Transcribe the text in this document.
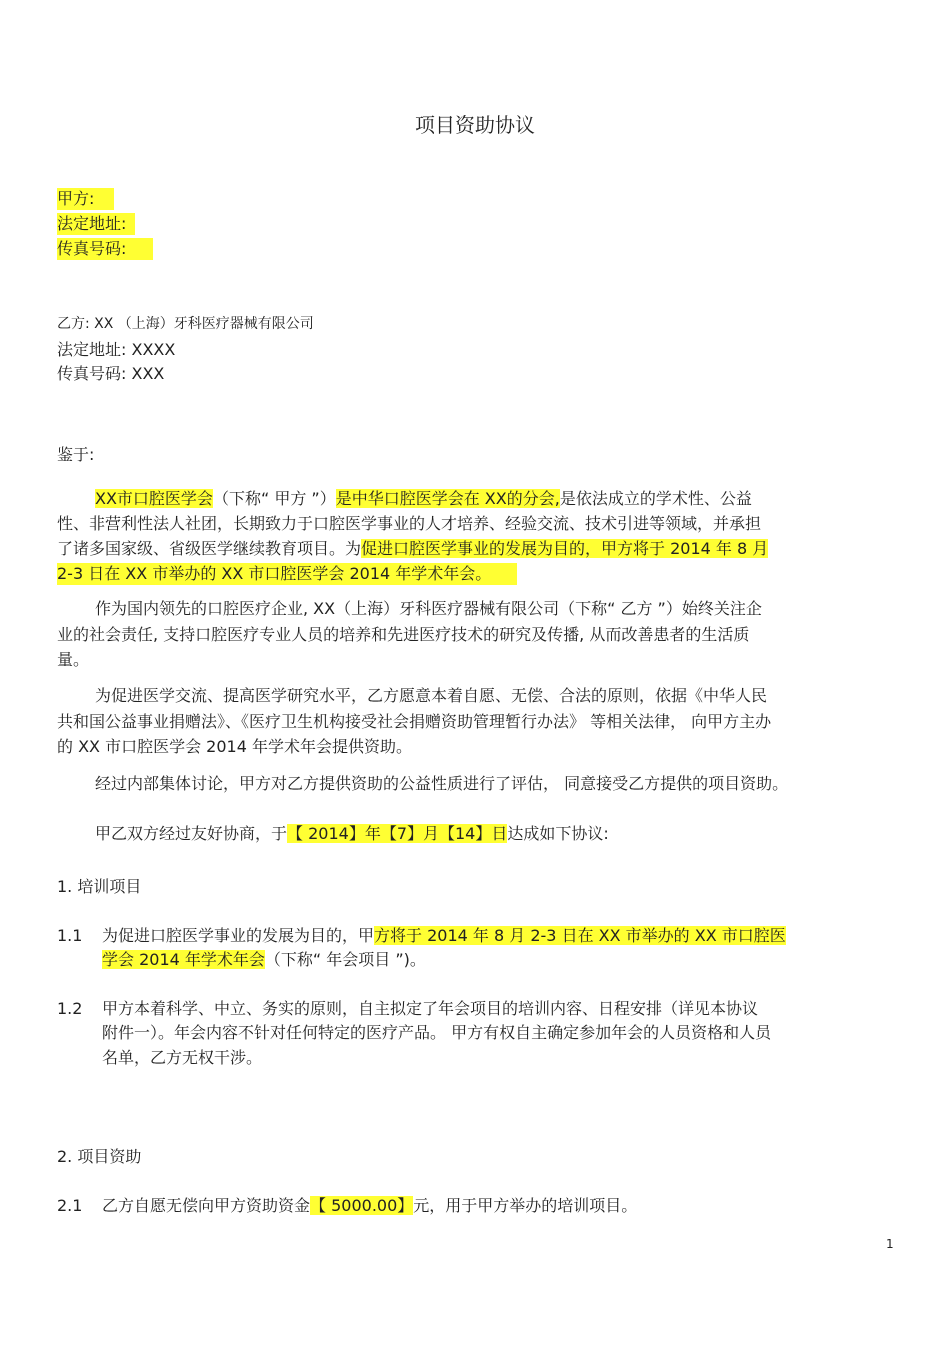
项目资助协议
甲方:
法定地址:
传真号码:
乙方: XX （上海）牙科医疗器械有限公司
法定地址: XXXX
传真号码: XXX
鉴于:
XX市口腔医学会（下称“ 甲方 ”）是中华口腔医学会在 XX的分会,是依法成立的学术性、公益
性、非营利性法人社团，长期致力于口腔医学事业的人才培养、经验交流、技术引进等领域，并承担
了诸多国家级、省级医学继续教育项目。为促进口腔医学事业的发展为目的，甲方将于 2014 年 8 月
2-3 日在 XX 市举办的 XX 市口腔医学会 2014 年学术年会。
作为国内领先的口腔医疗企业, XX（上海）牙科医疗器械有限公司（下称“ 乙方 ”）始终关注企
业的社会责任, 支持口腔医疗专业人员的培养和先进医疗技术的研究及传播, 从而改善患者的生活质
量。
为促进医学交流、提高医学研究水平，乙方愿意本着自愿、无偿、合法的原则，依据《中华人民
共和国公益事业捐赠法》、《医疗卫生机构接受社会捐赠资助管理暂行办法》 等相关法律， 向甲方主办
的 XX 市口腔医学会 2014 年学术年会提供资助。
经过内部集体讨论，甲方对乙方提供资助的公益性质进行了评估， 同意接受乙方提供的项目资助。
甲乙双方经过友好协商，于【 2014】年【7】月【14】日达成如下协议:
1. 培训项目
1.1 为促进口腔医学事业的发展为目的，甲方将于 2014 年 8 月 2-3 日在 XX 市举办的 XX 市口腔医
学会 2014 年学术年会（下称“ 年会项目 ”)。
1.2 甲方本着科学、中立、务实的原则，自主拟定了年会项目的培训内容、日程安排（详见本协议
附件一）。年会内容不针对任何特定的医疗产品。 甲方有权自主确定参加年会的人员资格和人员
名单，乙方无权干涉。
2. 项目资助
2.1 乙方自愿无偿向甲方资助资金【 5000.00】元，用于甲方举办的培训项目。
1
